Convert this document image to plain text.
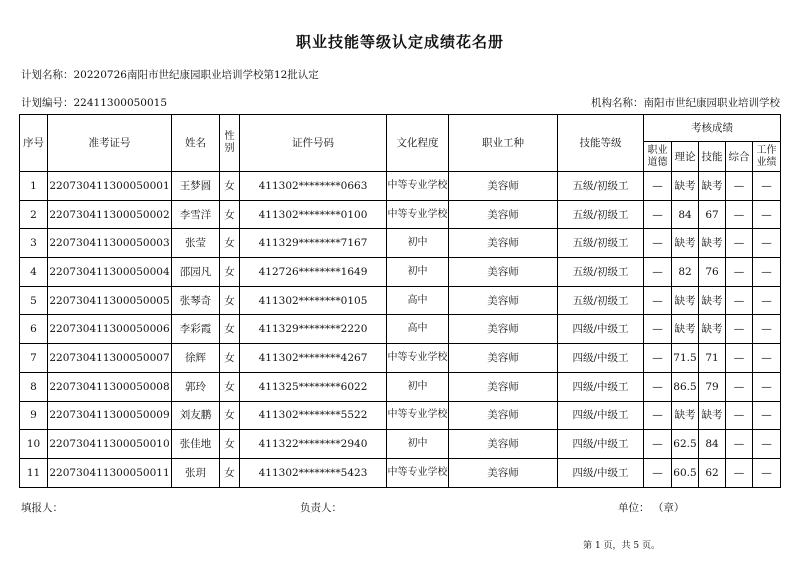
职业技能等级认定成绩花名册
计划名称：20220726南阳市世纪康园职业培训学校第12批认定
计划编号：22411300050015	机构名称：南阳市世纪康园职业培训学校
序号	准考证号	姓名	性别	证件号码	文化程度	职业工种	技能等级	考核成绩				
								职业道德	理论	技能	综合	工作业绩
1	220730411300050001	王梦圆	女	411302********0663	中等专业学校	美容师	五级/初级工	—	缺考	缺考	—	—
2	220730411300050002	李雪洋	女	411302********0100	中等专业学校	美容师	五级/初级工	—	84	67	—	—
3	220730411300050003	张莹	女	411329********7167	初中	美容师	五级/初级工	—	缺考	缺考	—	—
4	220730411300050004	邵园凡	女	412726********1649	初中	美容师	五级/初级工	—	82	76	—	—
5	220730411300050005	张琴奇	女	411302********0105	高中	美容师	五级/初级工	—	缺考	缺考	—	—
6	220730411300050006	李彩霞	女	411329********2220	高中	美容师	四级/中级工	—	缺考	缺考	—	—
7	220730411300050007	徐辉	女	411302********4267	中等专业学校	美容师	四级/中级工	—	71.5	71	—	—
8	220730411300050008	郭玲	女	411325********6022	初中	美容师	四级/中级工	—	86.5	79	—	—
9	220730411300050009	刘友鹏	女	411302********5522	中等专业学校	美容师	四级/中级工	—	缺考	缺考	—	—
10	220730411300050010	张佳地	女	411322********2940	初中	美容师	四级/中级工	—	62.5	84	—	—
11	220730411300050011	张玥	女	411302********5423	中等专业学校	美容师	四级/中级工	—	60.5	62	—	—
填报人：	负责人：	单位： （章）
第 1 页，共 5 页。
